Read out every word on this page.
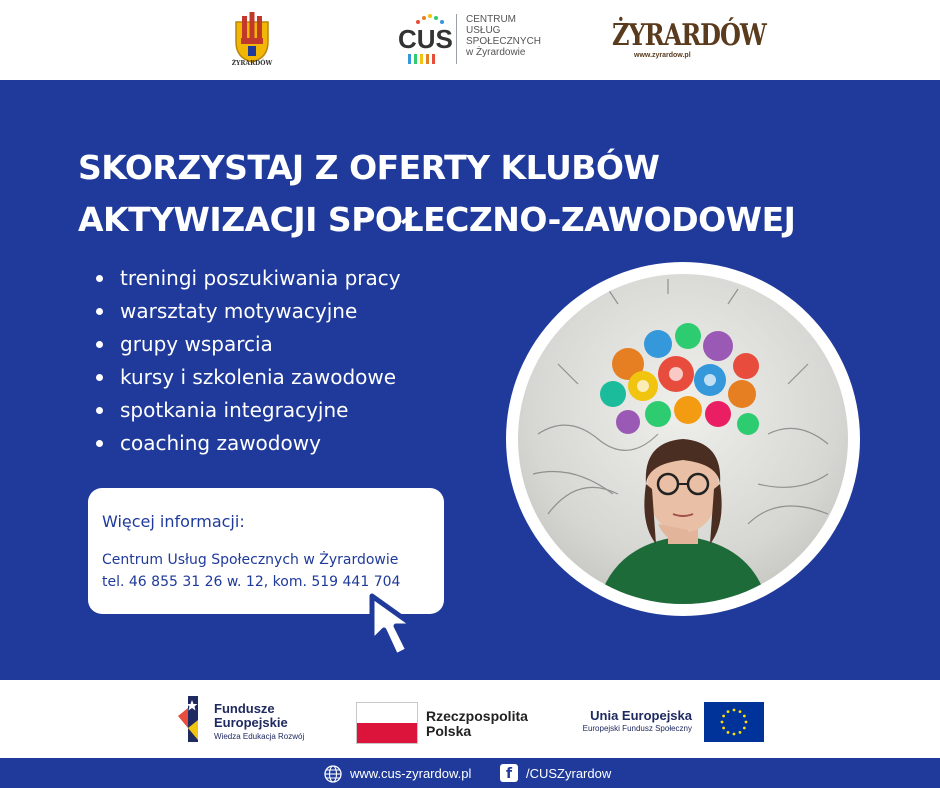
ŻYRARDÓW
CUS
CENTRUM
USŁUG
SPOŁECZNYCH
w Żyrardowie
ŻYRARDÓW
www.zyrardow.pl
SKORZYSTAJ Z OFERTY KLUBÓW
AKTYWIZACJI SPOŁECZNO-ZAWODOWEJ
treningi poszukiwania pracy
warsztaty motywacyjne
grupy wsparcia
kursy i szkolenia zawodowe
spotkania integracyjne
coaching zawodowy
Więcej informacji:
Centrum Usług Społecznych w Żyrardowie
tel. 46 855 31 26 w. 12, kom. 519 441 704
Fundusze
Europejskie
Wiedza Edukacja Rozwój
Rzeczpospolita
Polska
Unia Europejska
Europejski Fundusz Społeczny
www.cus-zyrardow.pl	f	/CUSZyrardow
